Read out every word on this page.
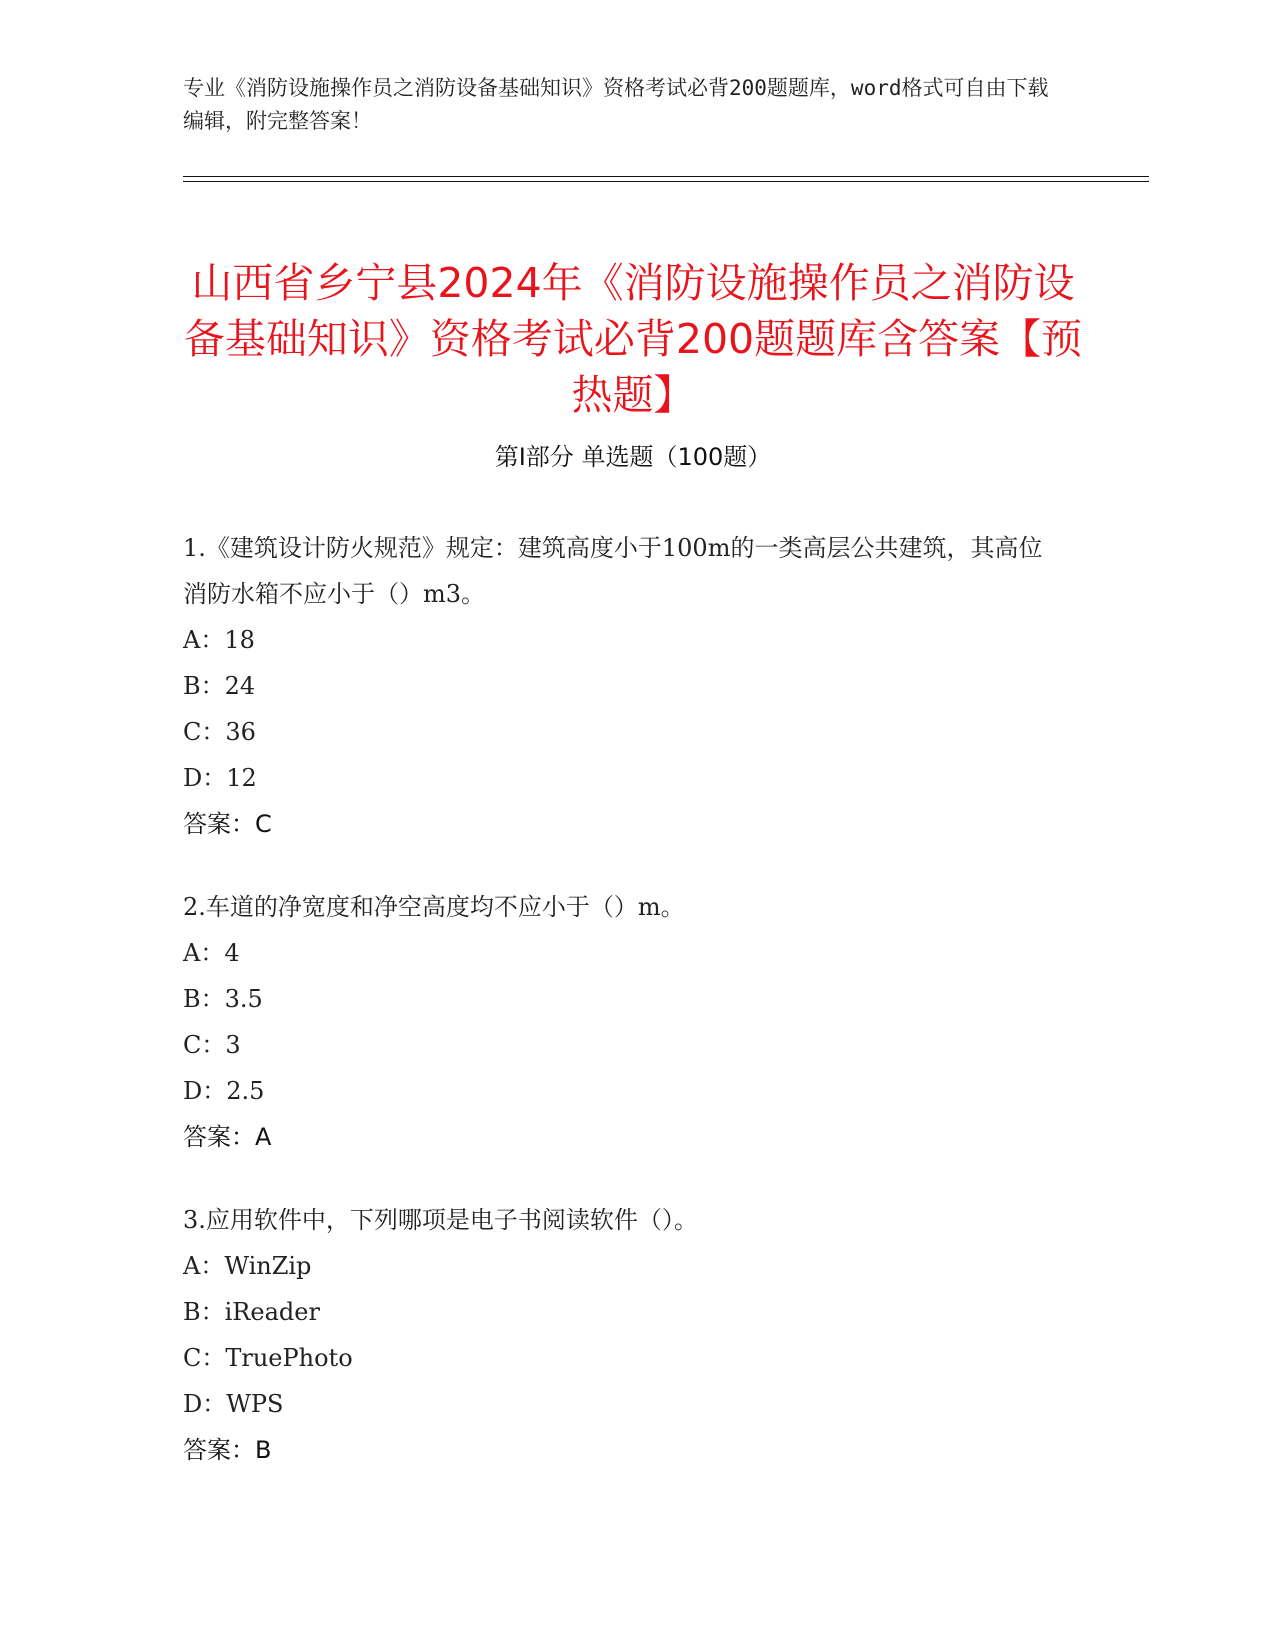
专业《消防设施操作员之消防设备基础知识》资格考试必背200题题库，word格式可自由下载编辑，附完整答案！
山西省乡宁县2024年《消防设施操作员之消防设备基础知识》资格考试必背200题题库含答案【预热题】
第Ⅰ部分 单选题（100题）
1.《建筑设计防火规范》规定：建筑高度小于100m的一类高层公共建筑，其高位消防水箱不应小于（）m3。
A：18
B：24
C：36
D：12
答案：C
2.车道的净宽度和净空高度均不应小于（）m。
A：4
B：3.5
C：3
D：2.5
答案：A
3.应用软件中，下列哪项是电子书阅读软件（）。
A：WinZip
B：iReader
C：TruePhoto
D：WPS
答案：B
